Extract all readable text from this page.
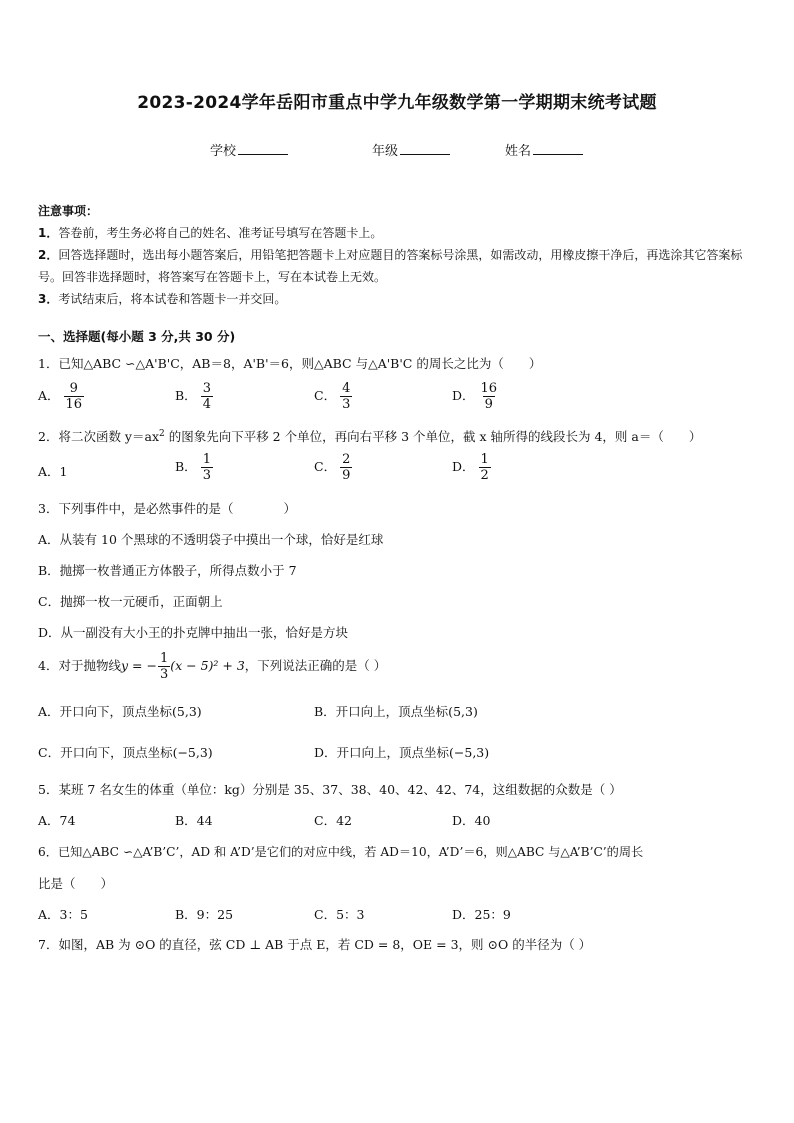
2023-2024学年岳阳市重点中学九年级数学第一学期期末统考试题
学校	年级	姓名
注意事项：
1．答卷前，考生务必将自己的姓名、准考证号填写在答题卡上。
2．回答选择题时，选出每小题答案后，用铅笔把答题卡上对应题目的答案标号涂黑，如需改动，用橡皮擦干净后，再选涂其它答案标号。回答非选择题时，将答案写在答题卡上，写在本试卷上无效。
3．考试结束后，将本试卷和答题卡一并交回。
一、选择题(每小题 3 分,共 30 分)
1．已知△ABC ∽△A'B'C，AB＝8，A'B'＝6，则△ABC 与△A'B'C 的周长之比为（　　）
A． $\frac{9}{16}$	B． $\frac{3}{4}$	C． $\frac{4}{3}$	D． $\frac{16}{9}$
2．将二次函数 $y=ax^2$ 的图象先向下平移 2 个单位，再向右平移 3 个单位，截 x 轴所得的线段长为 4，则 a＝（　　）
A．1	B． $\frac{1}{3}$	C． $\frac{2}{9}$	D． $\frac{1}{2}$
3．下列事件中，是必然事件的是（　　　　）
A．从装有 10 个黑球的不透明袋子中摸出一个球，恰好是红球
B．抛掷一枚普通正方体骰子，所得点数小于 7
C．抛掷一枚一元硬币，正面朝上
D．从一副没有大小王的扑克牌中抽出一张，恰好是方块
4．对于抛物线y = − $\frac{1}{3} (x - 5)^2 + 3$，下列说法正确的是（ ）
A．开口向下，顶点坐标(5,3)	B．开口向上，顶点坐标(5,3)
C．开口向下，顶点坐标(−5,3)	D．开口向上，顶点坐标(−5,3)
5．某班 7 名女生的体重（单位：kg）分别是 35、37、38、40、42、42、74，这组数据的众数是（ ）
A．74	B．44	C．42	D．40
6．已知△ABC ∽△A’B’C’，AD 和 A’D’是它们的对应中线，若 AD＝10，A’D’＝6，则△ABC 与△A’B’C’的周长
比是（　　）
A．3：5	B．9：25	C．5：3	D．25：9
7．如图，AB 为 ⊙O 的直径，弦 CD ⊥ AB 于点 E，若 CD = 8，OE = 3，则 ⊙O 的半径为（ ）
